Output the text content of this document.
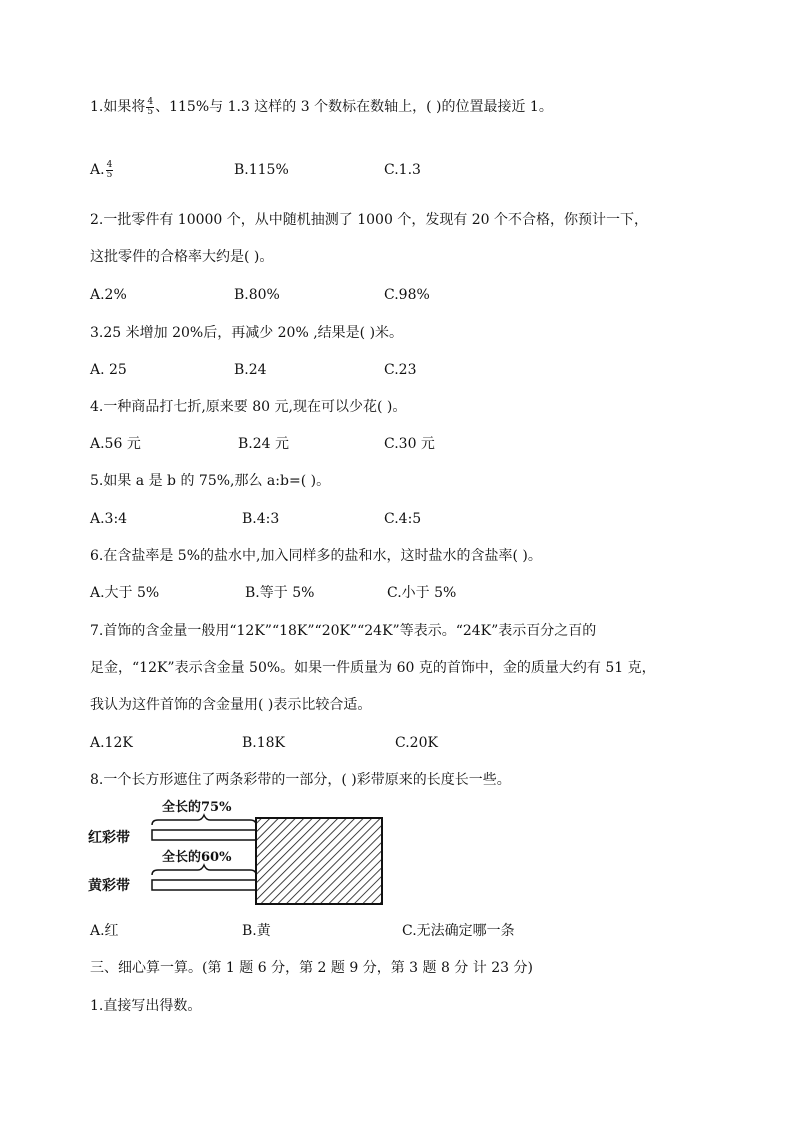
1.如果将 $\frac{4}{5}$ 、115%与 1.3 这样的 3 个数标在数轴上，( )的位置最接近 1。
A. $\frac{4}{5}$	B.115%	C.1.3
2.一批零件有 10000 个，从中随机抽测了 1000 个，发现有 20 个不合格，你预计一下，
这批零件的合格率大约是( )。
A.2%	B.80%	C.98%
3.25 米增加 20%后，再减少 20% ,结果是( )米。
A. 25	B.24	C.23
4.一种商品打七折,原来要 80 元,现在可以少花( )。
A.56 元	B.24 元	C.30 元
5.如果 a 是 b 的 75%,那么 a:b=( )。
A.3:4	B.4:3	C.4:5
6.在含盐率是 5%的盐水中,加入同样多的盐和水，这时盐水的含盐率( )。
A.大于 5%	B.等于 5%	C.小于 5%
7.首饰的含金量一般用“12K”“18K”“20K”“24K”等表示。“24K”表示百分之百的
足金，“12K”表示含金量 50%。如果一件质量为 60 克的首饰中，金的质量大约有 51 克，
我认为这件首饰的含金量用( )表示比较合适。
A.12K	B.18K	C.20K
8.一个长方形遮住了两条彩带的一部分，( )彩带原来的长度长一些。
红彩带
全长的75%
黄彩带
全长的60%
A.红	B.黄	C.无法确定哪一条
三、细心算一算。(第 1 题 6 分，第 2 题 9 分，第 3 题 8 分 计 23 分)
1.直接写出得数。
